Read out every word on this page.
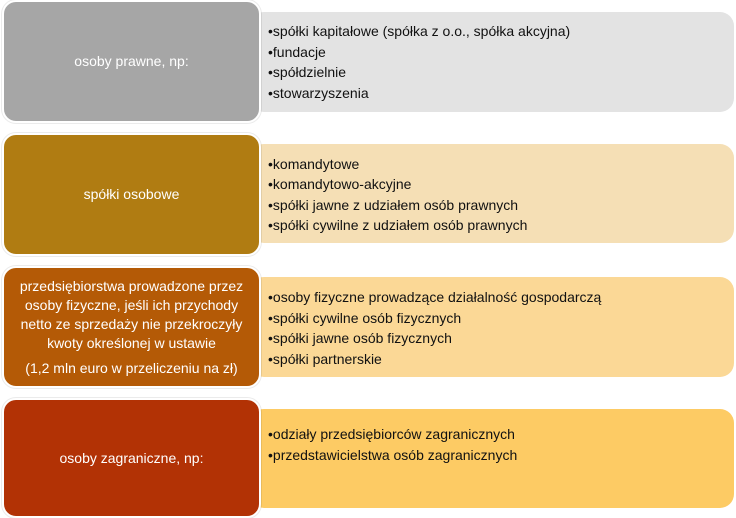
•spółki kapitałowe (spółka z o.o., spółka akcyjna)
•fundacje
•spółdzielnie
•stowarzyszenia
osoby prawne, np:
•komandytowe
•komandytowo-akcyjne
•spółki jawne z udziałem osób prawnych
•spółki cywilne z udziałem osób prawnych
spółki osobowe
•osoby fizyczne prowadzące działalność gospodarczą
•spółki cywilne osób fizycznych
•spółki jawne osób fizycznych
•spółki partnerskie
przedsiębiorstwa prowadzone przez osoby fizyczne, jeśli ich przychody netto ze sprzedaży nie przekroczyły kwoty określonej w ustawie
(1,2 mln euro w przeliczeniu na zł)
•odziały przedsiębiorców zagranicznych
•przedstawicielstwa osób zagranicznych
osoby zagraniczne, np:
